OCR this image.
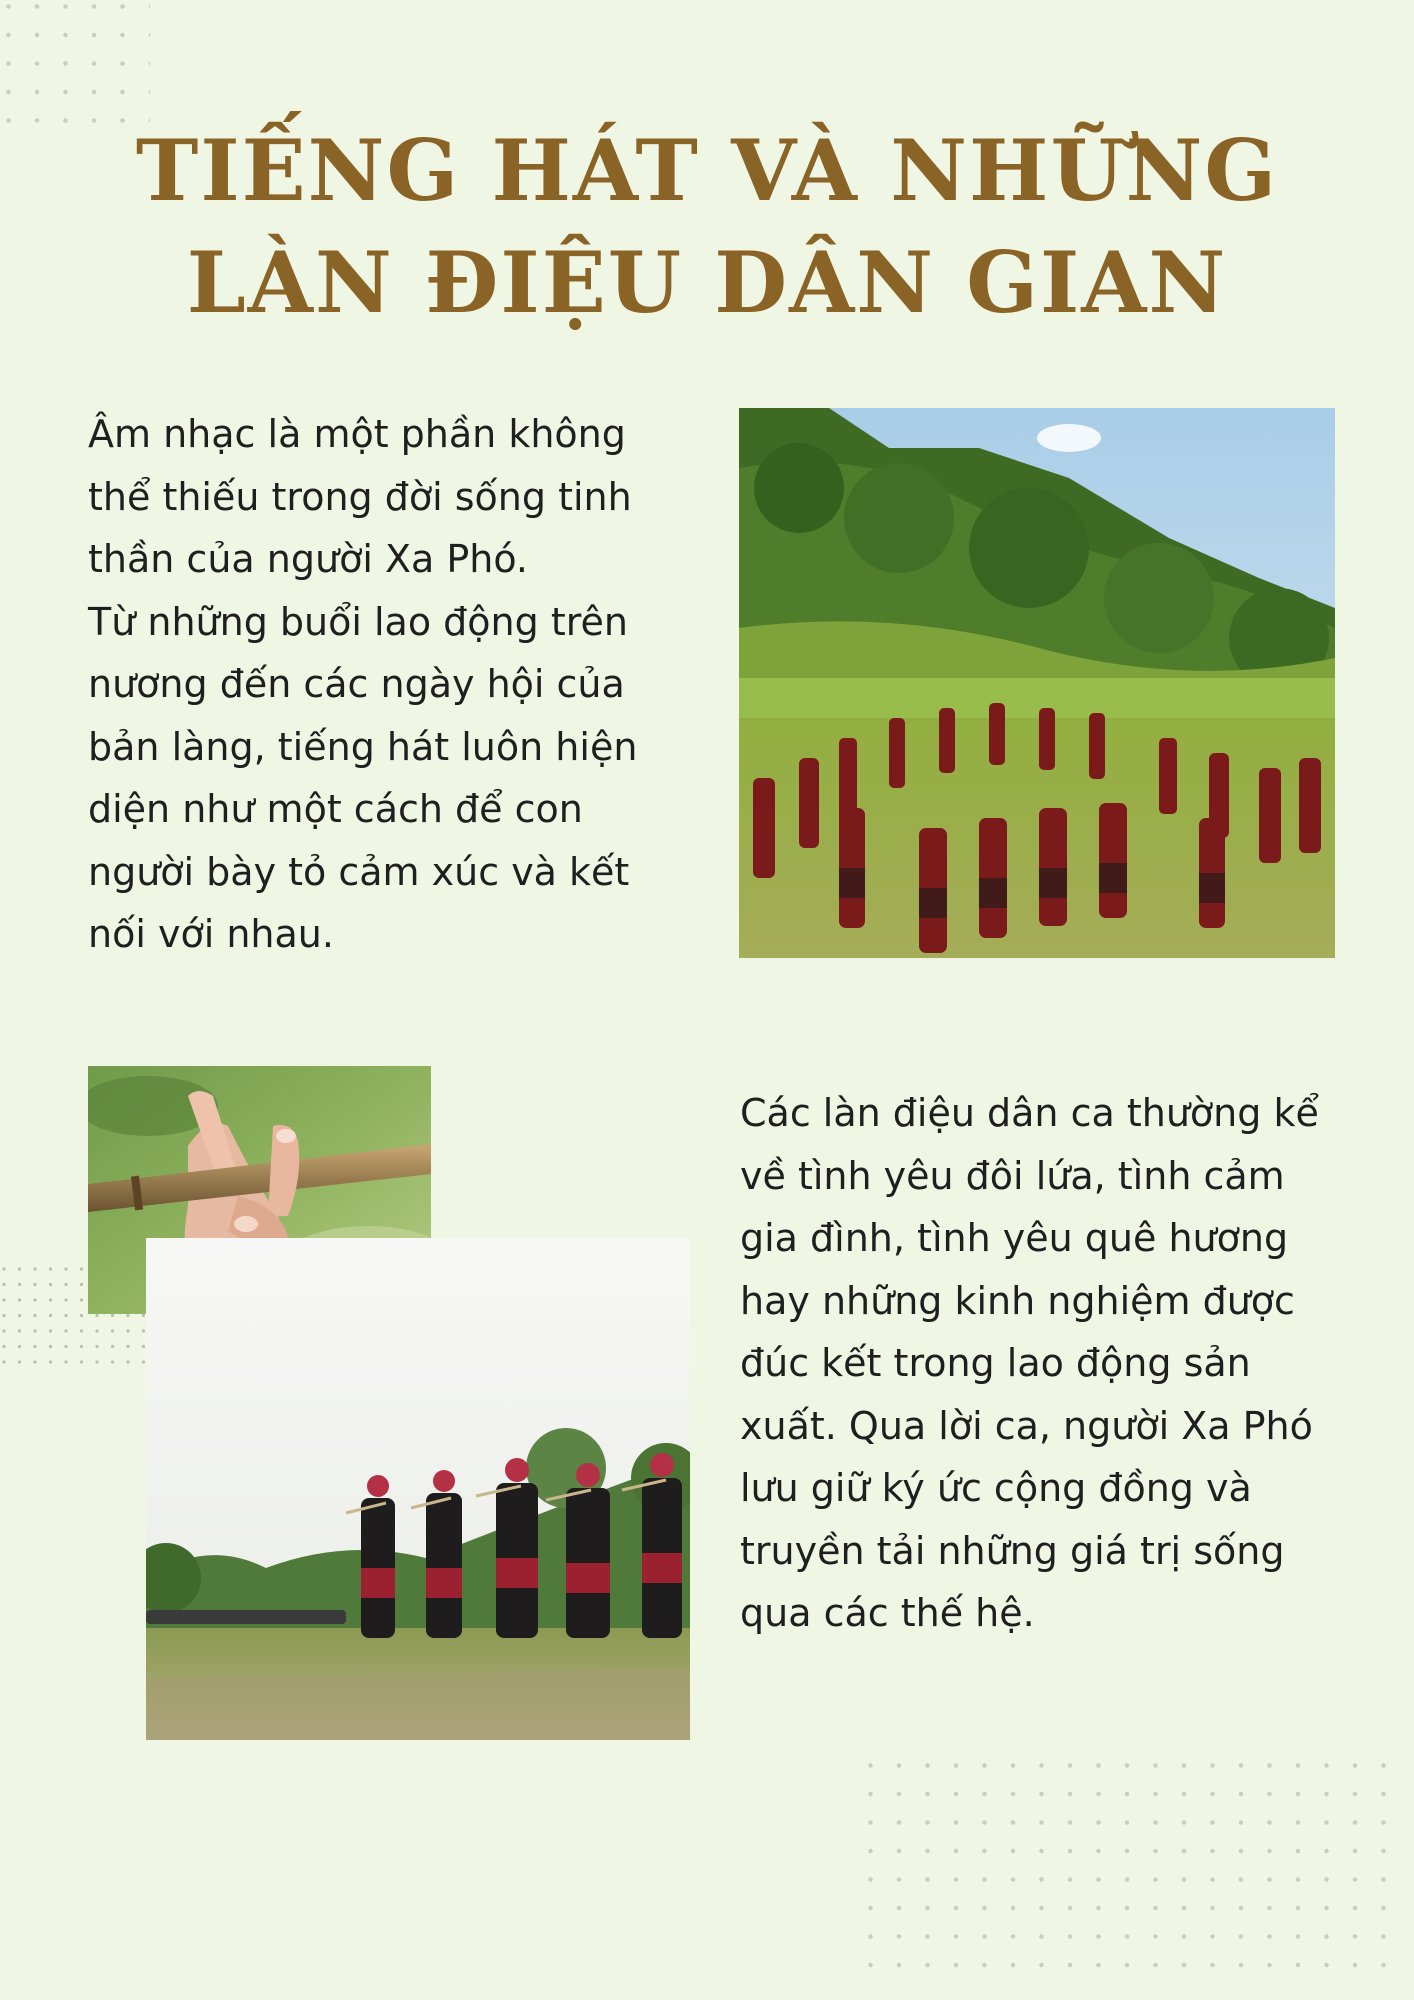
TIẾNG HÁT VÀ NHỮNG
LÀN ĐIỆU DÂN GIAN
Âm nhạc là một phần không
thể thiếu trong đời sống tinh
thần của người Xa Phó.
Từ những buổi lao động trên
nương đến các ngày hội của
bản làng, tiếng hát luôn hiện
diện như một cách để con
người bày tỏ cảm xúc và kết
nối với nhau.
Các làn điệu dân ca thường kể
về tình yêu đôi lứa, tình cảm
gia đình, tình yêu quê hương
hay những kinh nghiệm được
đúc kết trong lao động sản
xuất. Qua lời ca, người Xa Phó
lưu giữ ký ức cộng đồng và
truyền tải những giá trị sống
qua các thế hệ.
